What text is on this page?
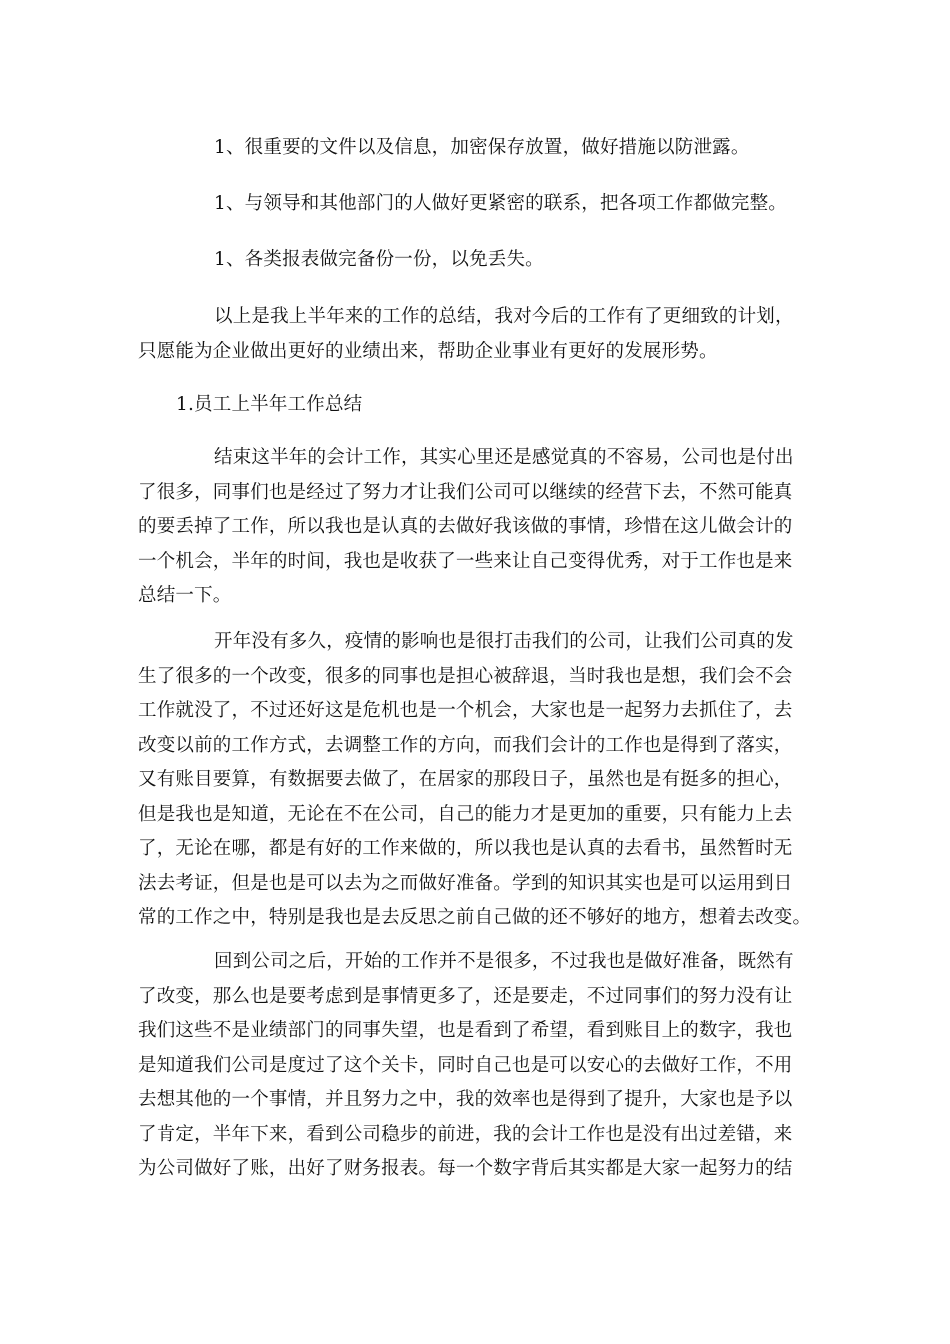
1、很重要的文件以及信息，加密保存放置，做好措施以防泄露。

1、与领导和其他部门的人做好更紧密的联系，把各项工作都做完整。

1、各类报表做完备份一份，以免丢失。

以上是我上半年来的工作的总结，我对今后的工作有了更细致的计划，
只愿能为企业做出更好的业绩出来，帮助企业事业有更好的发展形势。

1.员工上半年工作总结

结束这半年的会计工作，其实心里还是感觉真的不容易，公司也是付出
了很多，同事们也是经过了努力才让我们公司可以继续的经营下去，不然可能真
的要丢掉了工作，所以我也是认真的去做好我该做的事情，珍惜在这儿做会计的
一个机会，半年的时间，我也是收获了一些来让自己变得优秀，对于工作也是来
总结一下。

开年没有多久，疫情的影响也是很打击我们的公司，让我们公司真的发
生了很多的一个改变，很多的同事也是担心被辞退，当时我也是想，我们会不会
工作就没了，不过还好这是危机也是一个机会，大家也是一起努力去抓住了，去
改变以前的工作方式，去调整工作的方向，而我们会计的工作也是得到了落实，
又有账目要算，有数据要去做了，在居家的那段日子，虽然也是有挺多的担心，
但是我也是知道，无论在不在公司，自己的能力才是更加的重要，只有能力上去
了，无论在哪，都是有好的工作来做的，所以我也是认真的去看书，虽然暂时无
法去考证，但是也是可以去为之而做好准备。学到的知识其实也是可以运用到日
常的工作之中，特别是我也是去反思之前自己做的还不够好的地方，想着去改变。

回到公司之后，开始的工作并不是很多，不过我也是做好准备，既然有
了改变，那么也是要考虑到是事情更多了，还是要走，不过同事们的努力没有让
我们这些不是业绩部门的同事失望，也是看到了希望，看到账目上的数字，我也
是知道我们公司是度过了这个关卡，同时自己也是可以安心的去做好工作，不用
去想其他的一个事情，并且努力之中，我的效率也是得到了提升，大家也是予以
了肯定，半年下来，看到公司稳步的前进，我的会计工作也是没有出过差错，来
为公司做好了账，出好了财务报表。每一个数字背后其实都是大家一起努力的结
